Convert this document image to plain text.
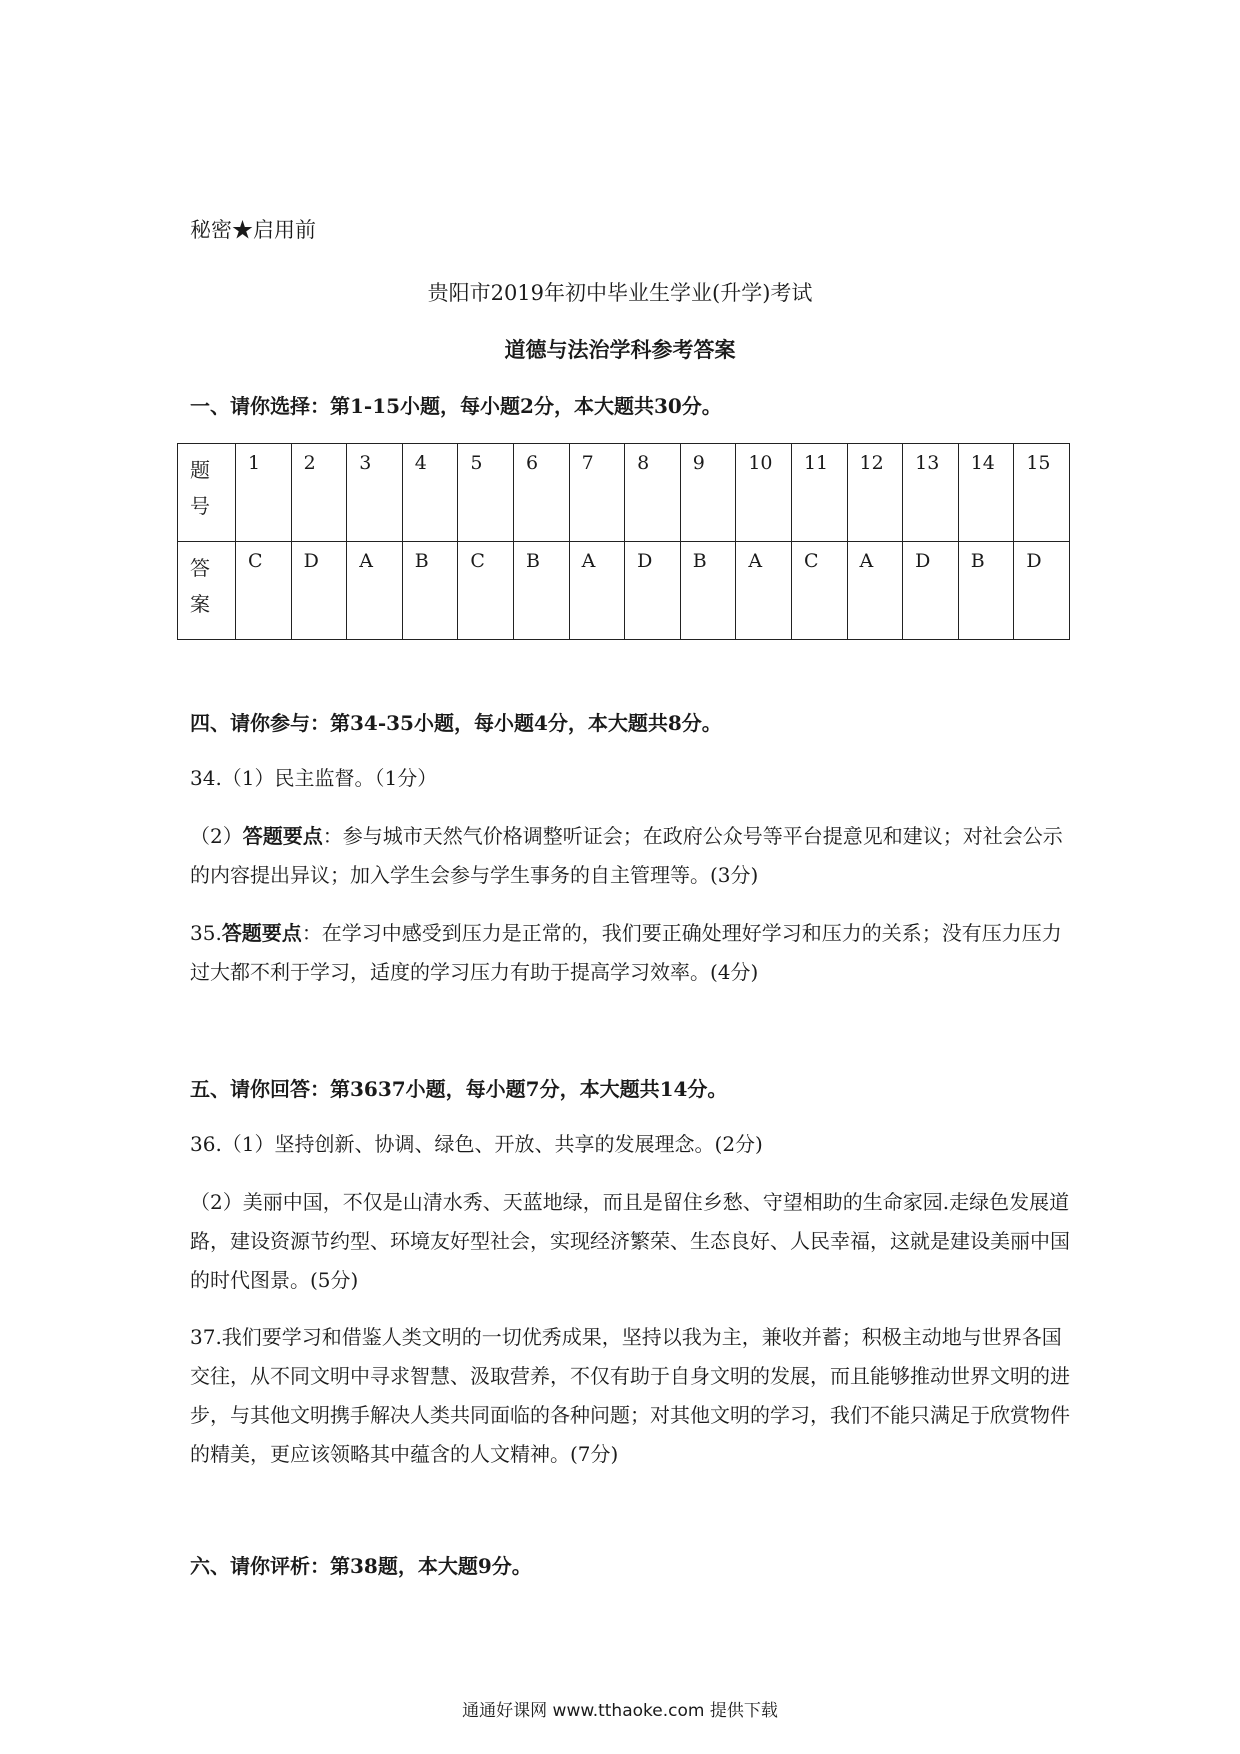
秘密★启用前
贵阳市2019年初中毕业生学业(升学)考试
道德与法治学科参考答案
一、请你选择：第1-15小题，每小题2分，本大题共30分。
题号	1	2	3	4	5	6	7	8	9	10	11	12	13	14	15

答案	C	D	A	B	C	B	A	D	B	A	C	A	D	B	D
四、请你参与：第34-35小题，每小题4分，本大题共8分。
34.（1）民主监督。（1分）
（2）答题要点：参与城市天然气价格调整听证会；在政府公众号等平台提意见和建议；对社会公示的内容提出异议；加入学生会参与学生事务的自主管理等。(3分)
35.答题要点：在学习中感受到压力是正常的，我们要正确处理好学习和压力的关系；没有压力压力过大都不利于学习，适度的学习压力有助于提高学习效率。(4分)
五、请你回答：第3637小题，每小题7分，本大题共14分。
36.（1）坚持创新、协调、绿色、开放、共享的发展理念。(2分)
（2）美丽中国，不仅是山清水秀、天蓝地绿，而且是留住乡愁、守望相助的生命家园.走绿色发展道路，建设资源节约型、环境友好型社会，实现经济繁荣、生态良好、人民幸福，这就是建设美丽中国的时代图景。(5分)
37.我们要学习和借鉴人类文明的一切优秀成果，坚持以我为主，兼收并蓄；积极主动地与世界各国交往，从不同文明中寻求智慧、汲取营养，不仅有助于自身文明的发展，而且能够推动世界文明的进步，与其他文明携手解决人类共同面临的各种问题；对其他文明的学习，我们不能只满足于欣赏物件的精美，更应该领略其中蕴含的人文精神。(7分)
六、请你评析：第38题，本大题9分。
通通好课网 www.tthaoke.com 提供下载
